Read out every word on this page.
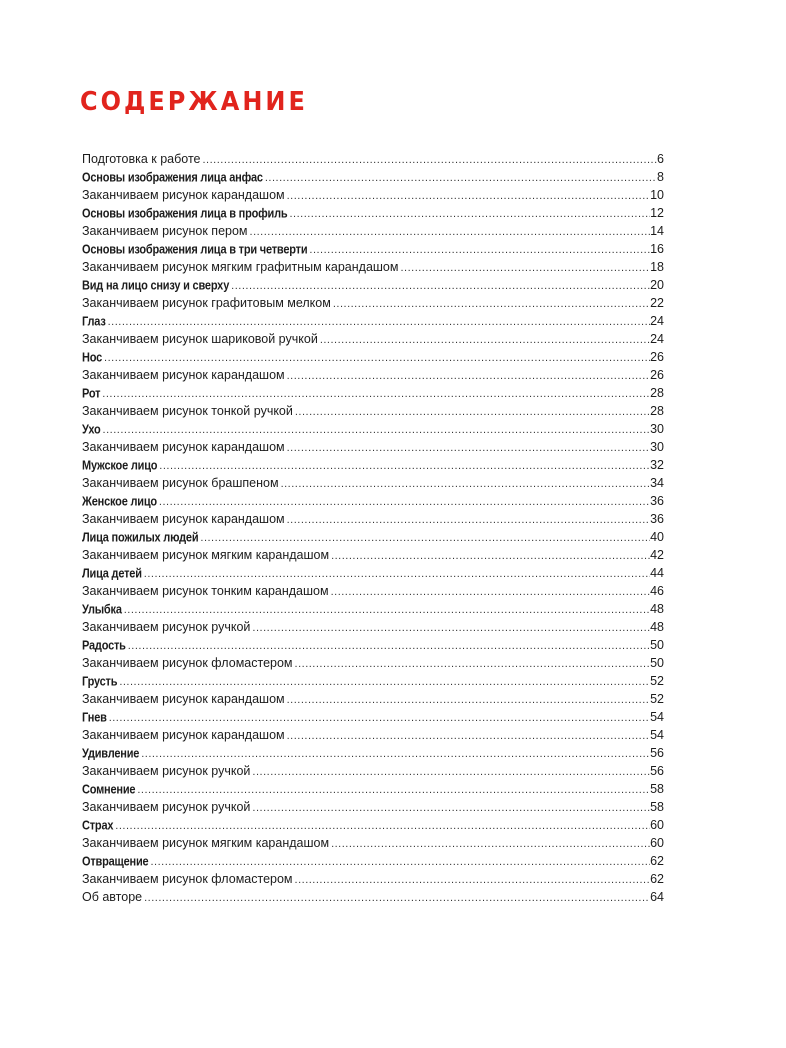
СОДЕРЖАНИЕ
Подготовка к работе .....	6
Основы изображения лица анфас .....	8
Заканчиваем рисунок карандашом .....	10
Основы изображения лица в профиль .....	12
Заканчиваем рисунок пером .....	14
Основы изображения лица в три четверти .....	16
Заканчиваем рисунок мягким графитным карандашом .....	18
Вид на лицо снизу и сверху .....	20
Заканчиваем рисунок графитовым мелком .....	22
Глаз .....	24
Заканчиваем рисунок шариковой ручкой .....	24
Нос .....	26
Заканчиваем рисунок карандашом .....	26
Рот .....	28
Заканчиваем рисунок тонкой ручкой .....	28
Ухо .....	30
Заканчиваем рисунок карандашом .....	30
Мужское лицо .....	32
Заканчиваем рисунок брашпеном .....	34
Женское лицо .....	36
Заканчиваем рисунок карандашом .....	36
Лица пожилых людей .....	40
Заканчиваем рисунок мягким карандашом .....	42
Лица детей .....	44
Заканчиваем рисунок тонким карандашом .....	46
Улыбка .....	48
Заканчиваем рисунок ручкой .....	48
Радость .....	50
Заканчиваем рисунок фломастером .....	50
Грусть .....	52
Заканчиваем рисунок карандашом .....	52
Гнев .....	54
Заканчиваем рисунок карандашом .....	54
Удивление .....	56
Заканчиваем рисунок ручкой .....	56
Сомнение .....	58
Заканчиваем рисунок ручкой .....	58
Страх .....	60
Заканчиваем рисунок мягким карандашом .....	60
Отвращение .....	62
Заканчиваем рисунок фломастером .....	62
Об авторе .....	64
